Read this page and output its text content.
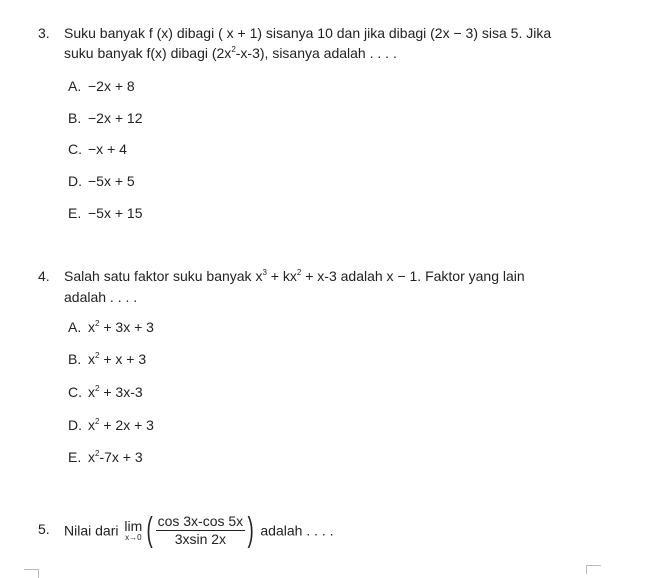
3. Suku banyak f (x) dibagi ( x + 1) sisanya 10 dan jika dibagi (2x − 3) sisa 5. Jika
suku banyak f(x) dibagi $(2x^2-x-3)$, sisanya adalah . . . .
A. −2x + 8
B. −2x + 12
C. −x + 4
D. −5x + 5
E. −5x + 15
4. Salah satu faktor suku banyak $x^3 + kx^2 + x-3$ adalah x − 1. Faktor yang lain
adalah . . . .
A. $x^2 + 3x + 3$
B. $x^2 + x + 3$
C. $x^2 + 3x-3$
D. $x^2 + 2x + 3$
E. $x^2-7x + 3$
5. Nilai dari lim
x→0 ( $\frac{\cos 3x-\cos 5x}{3xsin 2x}$ ) adalah . . . .
